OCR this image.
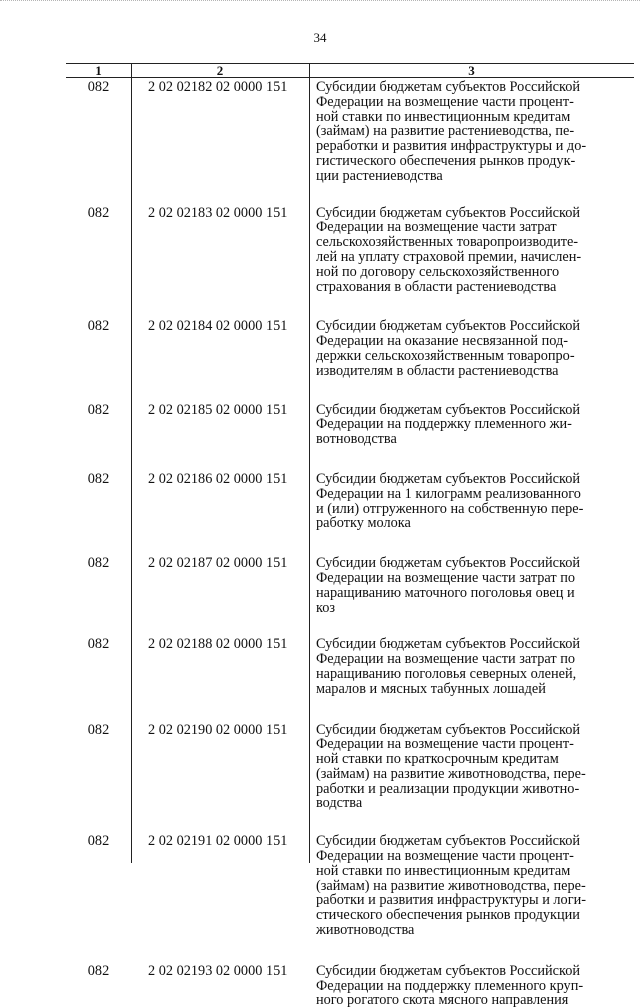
34
1	2	3
082	2 02 02182 02 0000 151	Субсидии бюджетам субъектов Российской
Федерации на возмещение части процент-
ной ставки по инвестиционным кредитам
(займам) на развитие растениеводства, пе-
реработки и развития инфраструктуры и до-
гистического обеспечения рынков продук-
ции растениеводства
082	2 02 02183 02 0000 151	Субсидии бюджетам субъектов Российской
Федерации на возмещение части затрат
сельскохозяйственных товаропроизводите-
лей на уплату страховой премии, начислен-
ной по договору сельскохозяйственного
страхования в области растениеводства
082	2 02 02184 02 0000 151	Субсидии бюджетам субъектов Российской
Федерации на оказание несвязанной под-
держки сельскохозяйственным товаропро-
изводителям в области растениеводства
082	2 02 02185 02 0000 151	Субсидии бюджетам субъектов Российской
Федерации на поддержку племенного жи-
вотноводства
082	2 02 02186 02 0000 151	Субсидии бюджетам субъектов Российской
Федерации на 1 килограмм реализованного
и (или) отгруженного на собственную пере-
работку молока
082	2 02 02187 02 0000 151	Субсидии бюджетам субъектов Российской
Федерации на возмещение части затрат по
наращиванию маточного поголовья овец и
коз
082	2 02 02188 02 0000 151	Субсидии бюджетам субъектов Российской
Федерации на возмещение части затрат по
наращиванию поголовья северных оленей,
маралов и мясных табунных лошадей
082	2 02 02190 02 0000 151	Субсидии бюджетам субъектов Российской
Федерации на возмещение части процент-
ной ставки по краткосрочным кредитам
(займам) на развитие животноводства, пере-
работки и реализации продукции животно-
водства
082	2 02 02191 02 0000 151	Субсидии бюджетам субъектов Российской
Федерации на возмещение части процент-
ной ставки по инвестиционным кредитам
(займам) на развитие животноводства, пере-
работки и развития инфраструктуры и логи-
стического обеспечения рынков продукции
животноводства
082	2 02 02193 02 0000 151	Субсидии бюджетам субъектов Российской
Федерации на поддержку племенного круп-
ного рогатого скота мясного направления
